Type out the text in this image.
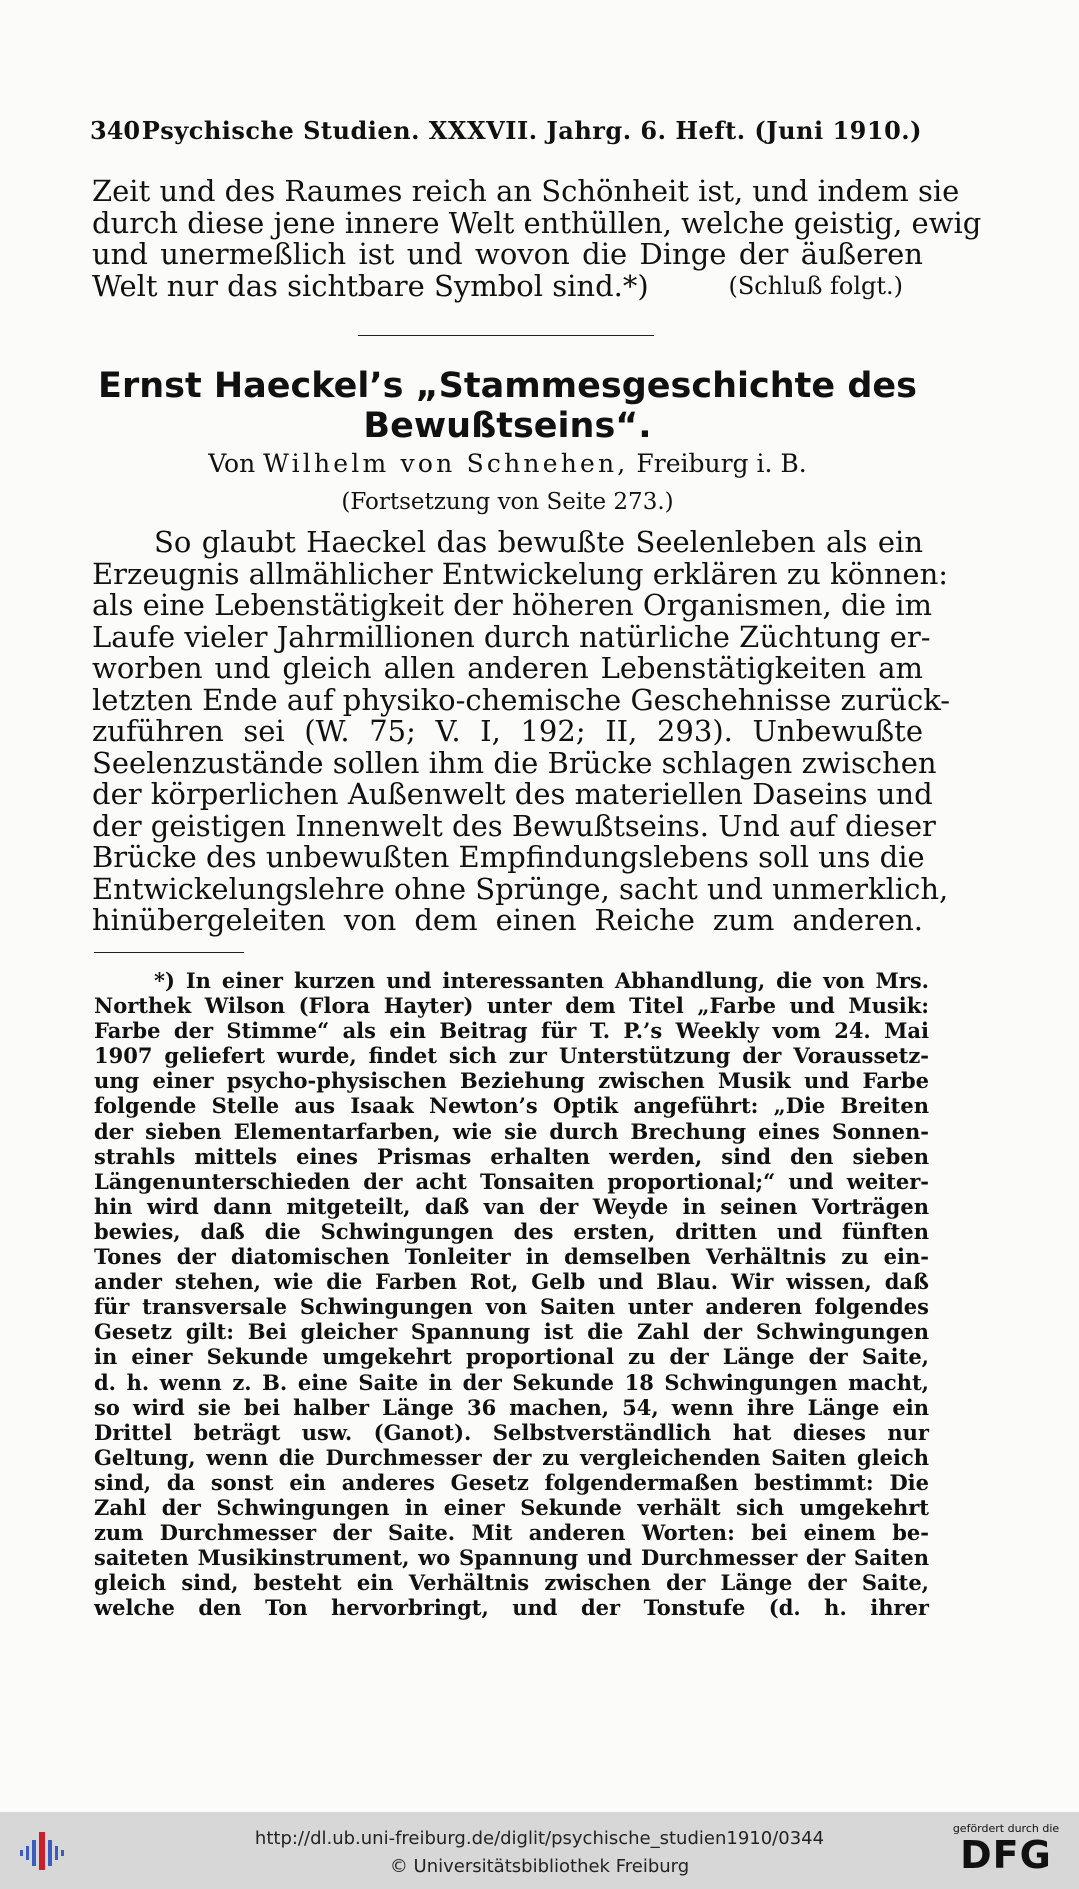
340 Psychische Studien. XXXVII. Jahrg. 6. Heft. (Juni 1910.)
Zeit und des Raumes reich an Schönheit ist, und indem sie
durch diese jene innere Welt enthüllen, welche geistig, ewig
und unermeßlich ist und wovon die Dinge der äußeren
Welt nur das sichtbare Symbol sind.*)	(Schluß folgt.)
Ernst Haeckel’s „Stammesgeschichte des
Bewußtseins“.
Von Wilhelm von Schnehen, Freiburg i. B.
(Fortsetzung von Seite 273.)
So glaubt Haeckel das bewußte Seelenleben als ein
Erzeugnis allmählicher Entwickelung erklären zu können:
als eine Lebenstätigkeit der höheren Organismen, die im
Laufe vieler Jahrmillionen durch natürliche Züchtung er-
worben und gleich allen anderen Lebenstätigkeiten am
letzten Ende auf physiko-chemische Geschehnisse zurück-
zuführen sei (W. 75; V. I, 192; II, 293). Unbewußte
Seelenzustände sollen ihm die Brücke schlagen zwischen
der körperlichen Außenwelt des materiellen Daseins und
der geistigen Innenwelt des Bewußtseins. Und auf dieser
Brücke des unbewußten Empfindungslebens soll uns die
Entwickelungslehre ohne Sprünge, sacht und unmerklich,
hinübergeleiten von dem einen Reiche zum anderen.
*) In einer kurzen und interessanten Abhandlung, die von Mrs.
Northek Wilson (Flora Hayter) unter dem Titel „Farbe und Musik:
Farbe der Stimme“ als ein Beitrag für T. P.’s Weekly vom 24. Mai
1907 geliefert wurde, findet sich zur Unterstützung der Voraussetz-
ung einer psycho-physischen Beziehung zwischen Musik und Farbe
folgende Stelle aus Isaak Newton’s Optik angeführt: „Die Breiten
der sieben Elementarfarben, wie sie durch Brechung eines Sonnen-
strahls mittels eines Prismas erhalten werden, sind den sieben
Längenunterschieden der acht Tonsaiten proportional;“ und weiter-
hin wird dann mitgeteilt, daß van der Weyde in seinen Vorträgen
bewies, daß die Schwingungen des ersten, dritten und fünften
Tones der diatomischen Tonleiter in demselben Verhältnis zu ein-
ander stehen, wie die Farben Rot, Gelb und Blau. Wir wissen, daß
für transversale Schwingungen von Saiten unter anderen folgendes
Gesetz gilt: Bei gleicher Spannung ist die Zahl der Schwingungen
in einer Sekunde umgekehrt proportional zu der Länge der Saite,
d. h. wenn z. B. eine Saite in der Sekunde 18 Schwingungen macht,
so wird sie bei halber Länge 36 machen, 54, wenn ihre Länge ein
Drittel beträgt usw. (Ganot). Selbstverständlich hat dieses nur
Geltung, wenn die Durchmesser der zu vergleichenden Saiten gleich
sind, da sonst ein anderes Gesetz folgendermaßen bestimmt: Die
Zahl der Schwingungen in einer Sekunde verhält sich umgekehrt
zum Durchmesser der Saite. Mit anderen Worten: bei einem be-
saiteten Musikinstrument, wo Spannung und Durchmesser der Saiten
gleich sind, besteht ein Verhältnis zwischen der Länge der Saite,
welche den Ton hervorbringt, und der Tonstufe (d. h. ihrer
http://dl.ub.uni-freiburg.de/diglit/psychische_studien1910/0344
© Universitätsbibliothek Freiburg
gefördert durch die
DFG
